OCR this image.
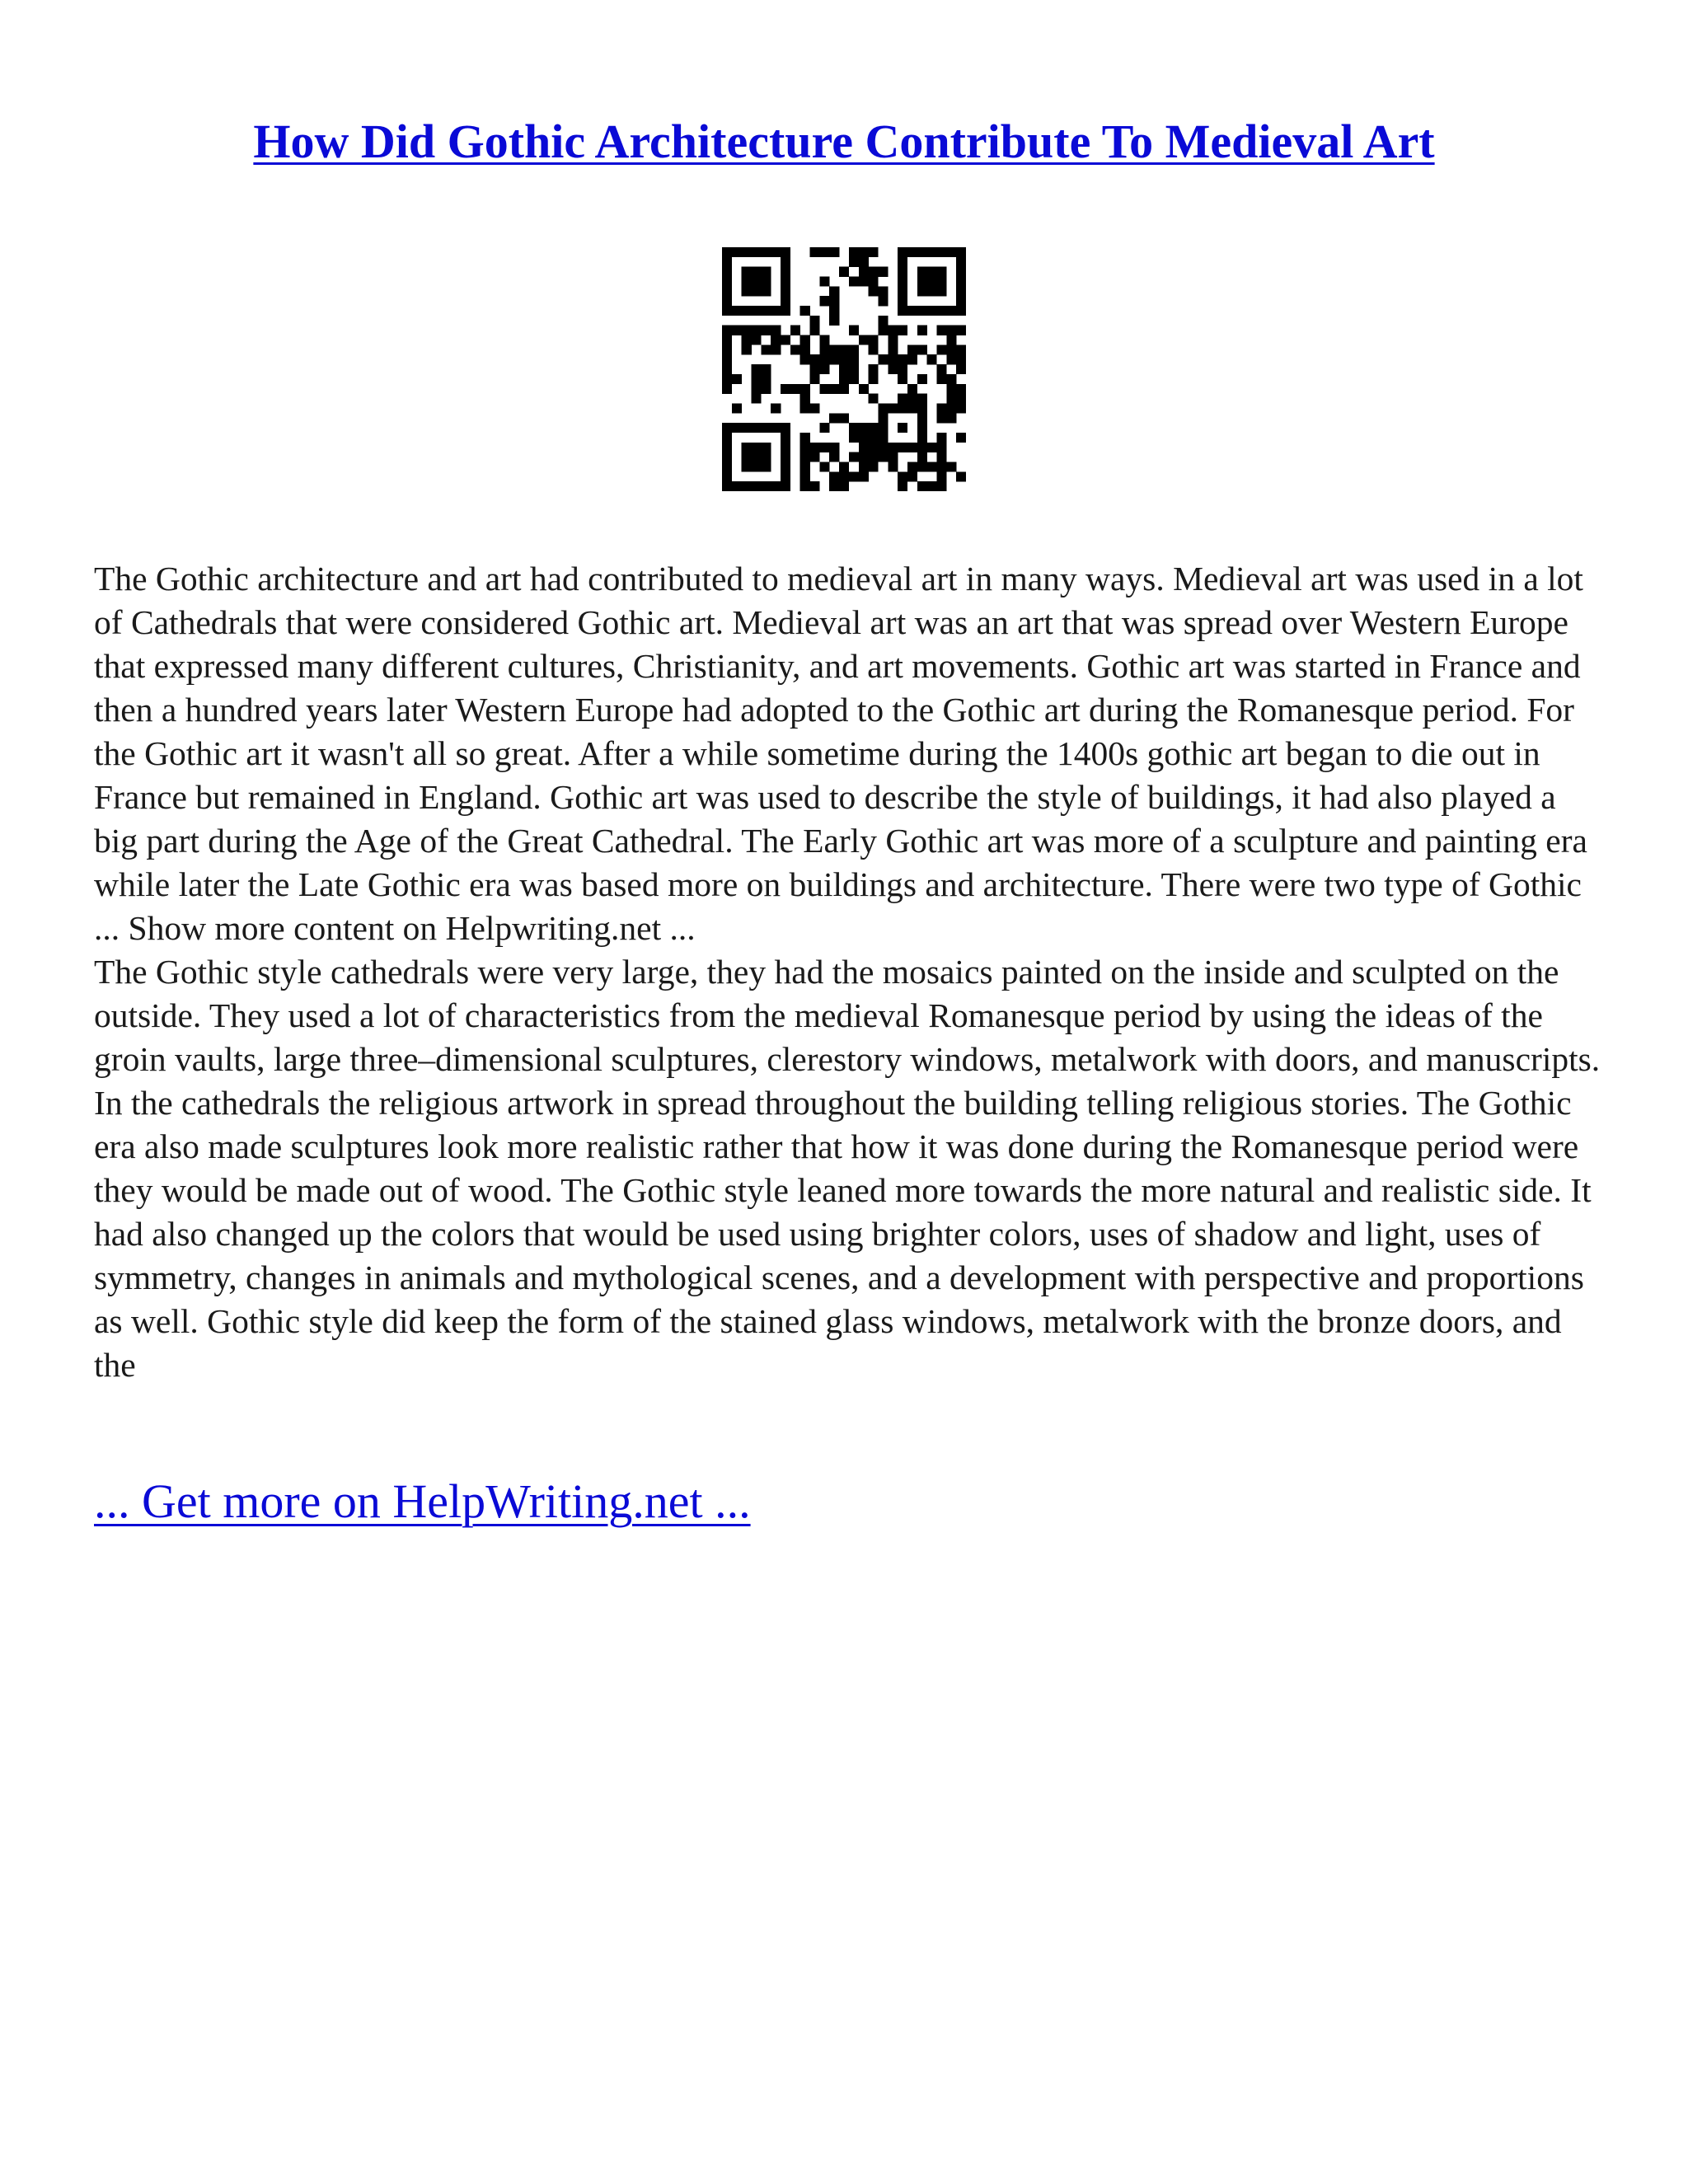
How Did Gothic Architecture Contribute To Medieval Art

The Gothic architecture and art had contributed to medieval art in many ways. Medieval art was used in a lot of Cathedrals that were considered Gothic art. Medieval art was an art that was spread over Western Europe that expressed many different cultures, Christianity, and art movements. Gothic art was started in France and then a hundred years later Western Europe had adopted to the Gothic art during the Romanesque period. For the Gothic art it wasn't all so great. After a while sometime during the 1400s gothic art began to die out in France but remained in England. Gothic art was used to describe the style of buildings, it had also played a big part during the Age of the Great Cathedral. The Early Gothic art was more of a sculpture and painting era while later the Late Gothic era was based more on buildings and architecture. There were two type of Gothic ... Show more content on Helpwriting.net ...

The Gothic style cathedrals were very large, they had the mosaics painted on the inside and sculpted on the outside. They used a lot of characteristics from the medieval Romanesque period by using the ideas of the groin vaults, large three–dimensional sculptures, clerestory windows, metalwork with doors, and manuscripts. In the cathedrals the religious artwork in spread throughout the building telling religious stories. The Gothic era also made sculptures look more realistic rather that how it was done during the Romanesque period were they would be made out of wood. The Gothic style leaned more towards the more natural and realistic side. It had also changed up the colors that would be used using brighter colors, uses of shadow and light, uses of symmetry, changes in animals and mythological scenes, and a development with perspective and proportions as well. Gothic style did keep the form of the stained glass windows, metalwork with the bronze doors, and the

... Get more on HelpWriting.net ...
